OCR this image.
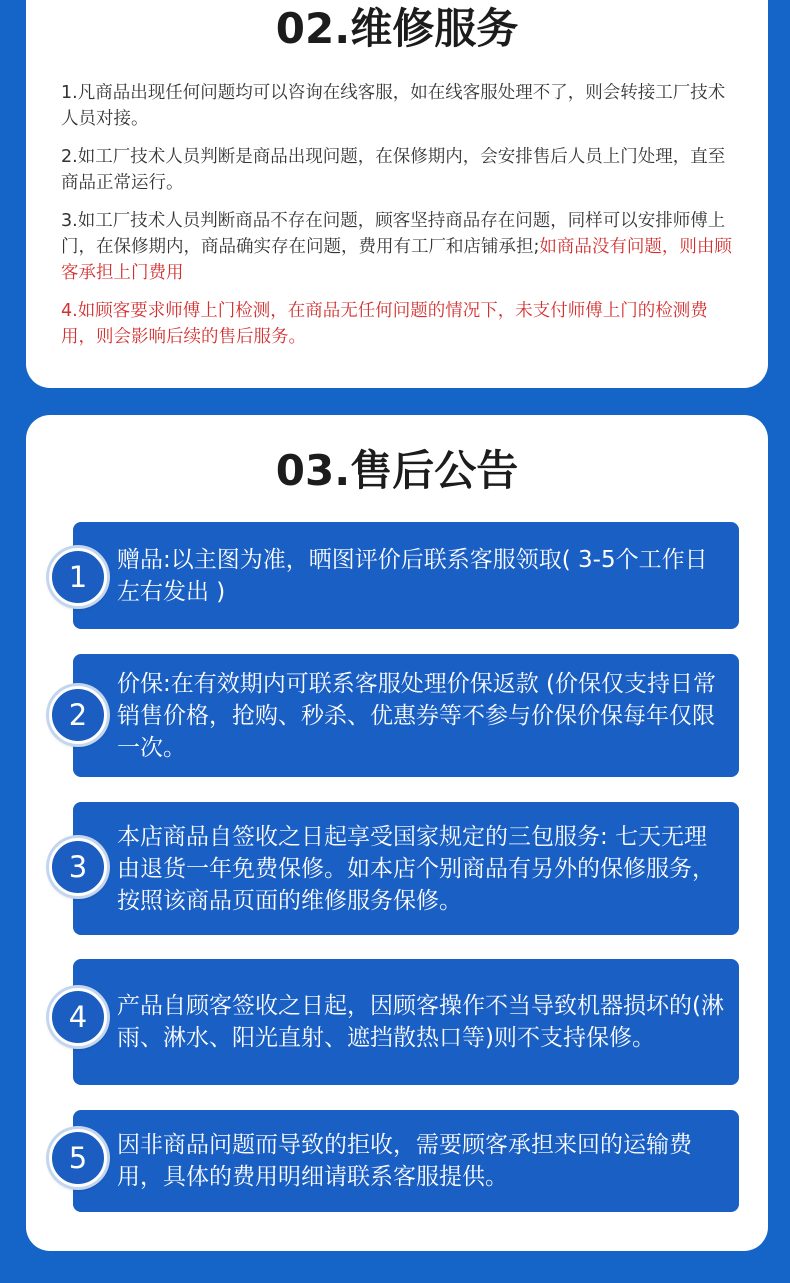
02.维修服务

1.凡商品出现任何问题均可以咨询在线客服，如在线客服处理不了，则会转接工厂技术人员对接。

2.如工厂技术人员判断是商品出现问题，在保修期内，会安排售后人员上门处理，直至商品正常运行。

3.如工厂技术人员判断商品不存在问题，顾客坚持商品存在问题，同样可以安排师傅上门，在保修期内，商品确实存在问题，费用有工厂和店铺承担;如商品没有问题，则由顾客承担上门费用

4.如顾客要求师傅上门检测，在商品无任何问题的情况下，未支付师傅上门的检测费用，则会影响后续的售后服务。

03.售后公告

赠品:以主图为准，晒图评价后联系客服领取( 3-5个工作日左右发出 )

1

价保:在有效期内可联系客服处理价保返款 (价保仅支持日常销售价格，抢购、秒杀、优惠券等不参与价保价保每年仅限一次。

2

本店商品自签收之日起享受国家规定的三包服务: 七天无理由退货一年免费保修。如本店个别商品有另外的保修服务，按照该商品页面的维修服务保修。

3

产品自顾客签收之日起，因顾客操作不当导致机器损坏的(淋雨、淋水、阳光直射、遮挡散热口等)则不支持保修。

4

因非商品问题而导致的拒收，需要顾客承担来回的运输费用，具体的费用明细请联系客服提供。

5
